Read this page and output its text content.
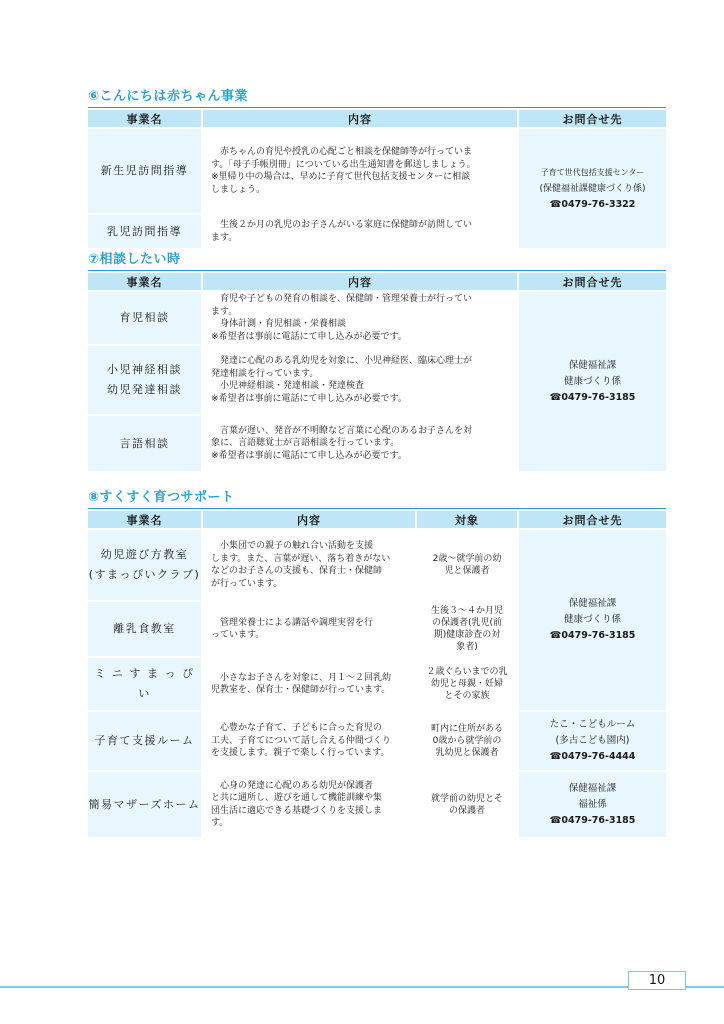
⑥こんにちは赤ちゃん事業
事業名	内容	お問合せ先
新生児訪問指導	　赤ちゃんの育児や授乳の心配ごと相談を保健師等が行っていま
す。「母子手帳別冊」についている出生通知書を郵送しましょう。
※里帰り中の場合は、早めに子育て世代包括支援センターに相談
しましょう。	子育て世代包括支援センター
(保健福祉課健康づくり係)
☎0479-76-3322

乳児訪問指導	　生後２か月の乳児のお子さんがいる家庭に保健師が訪問してい
ます。	
⑦相談したい時
事業名	内容	お問合せ先
育児相談	　育児や子どもの発育の相談を、保健師・管理栄養士が行ってい
ます。
　身体計測・育児相談・栄養相談
※希望者は事前に電話にて申し込みが必要です。	保健福祉課
健康づくり係
☎0479-76-3185

小児神経相談
幼児発達相談	　発達に心配のある乳幼児を対象に、小児神経医、臨床心理士が
発達相談を行っています。
　小児神経相談・発達相談・発達検査
※希望者は事前に電話にて申し込みが必要です。	

言語相談	　言葉が遅い、発音が不明瞭など言葉に心配のあるお子さんを対
象に、言語聴覚士が言語相談を行っています。
※希望者は事前に電話にて申し込みが必要です。	
⑧すくすく育つサポート
事業名	内容	対象	お問合せ先

幼児遊び方教室
(すまっぴいクラブ)	　小集団での親子の触れ合い活動を支援
します。また、言葉が遅い、落ち着きがない
などのお子さんの支援も、保育士・保健師
が行っています。	2歳～就学前の幼
児と保護者	保健福祉課
健康づくり係
☎0479-76-3185

離乳食教室	　管理栄養士による講話や調理実習を行
っています。	生後３～４か月児
の保護者(乳児(前
期)健康診査の対
象者)	

ミ ニ す ま っ ぴ い	　小さなお子さんを対象に、月１～２回乳幼
児教室を、保育士・保健師が行っています。	２歳ぐらいまでの乳
幼児と母親・妊婦
とその家族	

子育て支援ルーム	　心豊かな子育て、子どもに合った育児の
工夫、子育てについて話し合える仲間づくり
を支援します。親子で楽しく行っています。	町内に住所がある
0歳から就学前の
乳幼児と保護者	たこ・こどもルーム
(多古こども園内)
☎0479-76-4444

簡易マザーズホーム	　心身の発達に心配のある幼児が保護者
と共に通所し、遊びを通して機能訓練や集
団生活に適応できる基礎づくりを支援しま
す。	就学前の幼児とそ
の保護者	保健福祉課
福祉係
☎0479-76-3185
10
